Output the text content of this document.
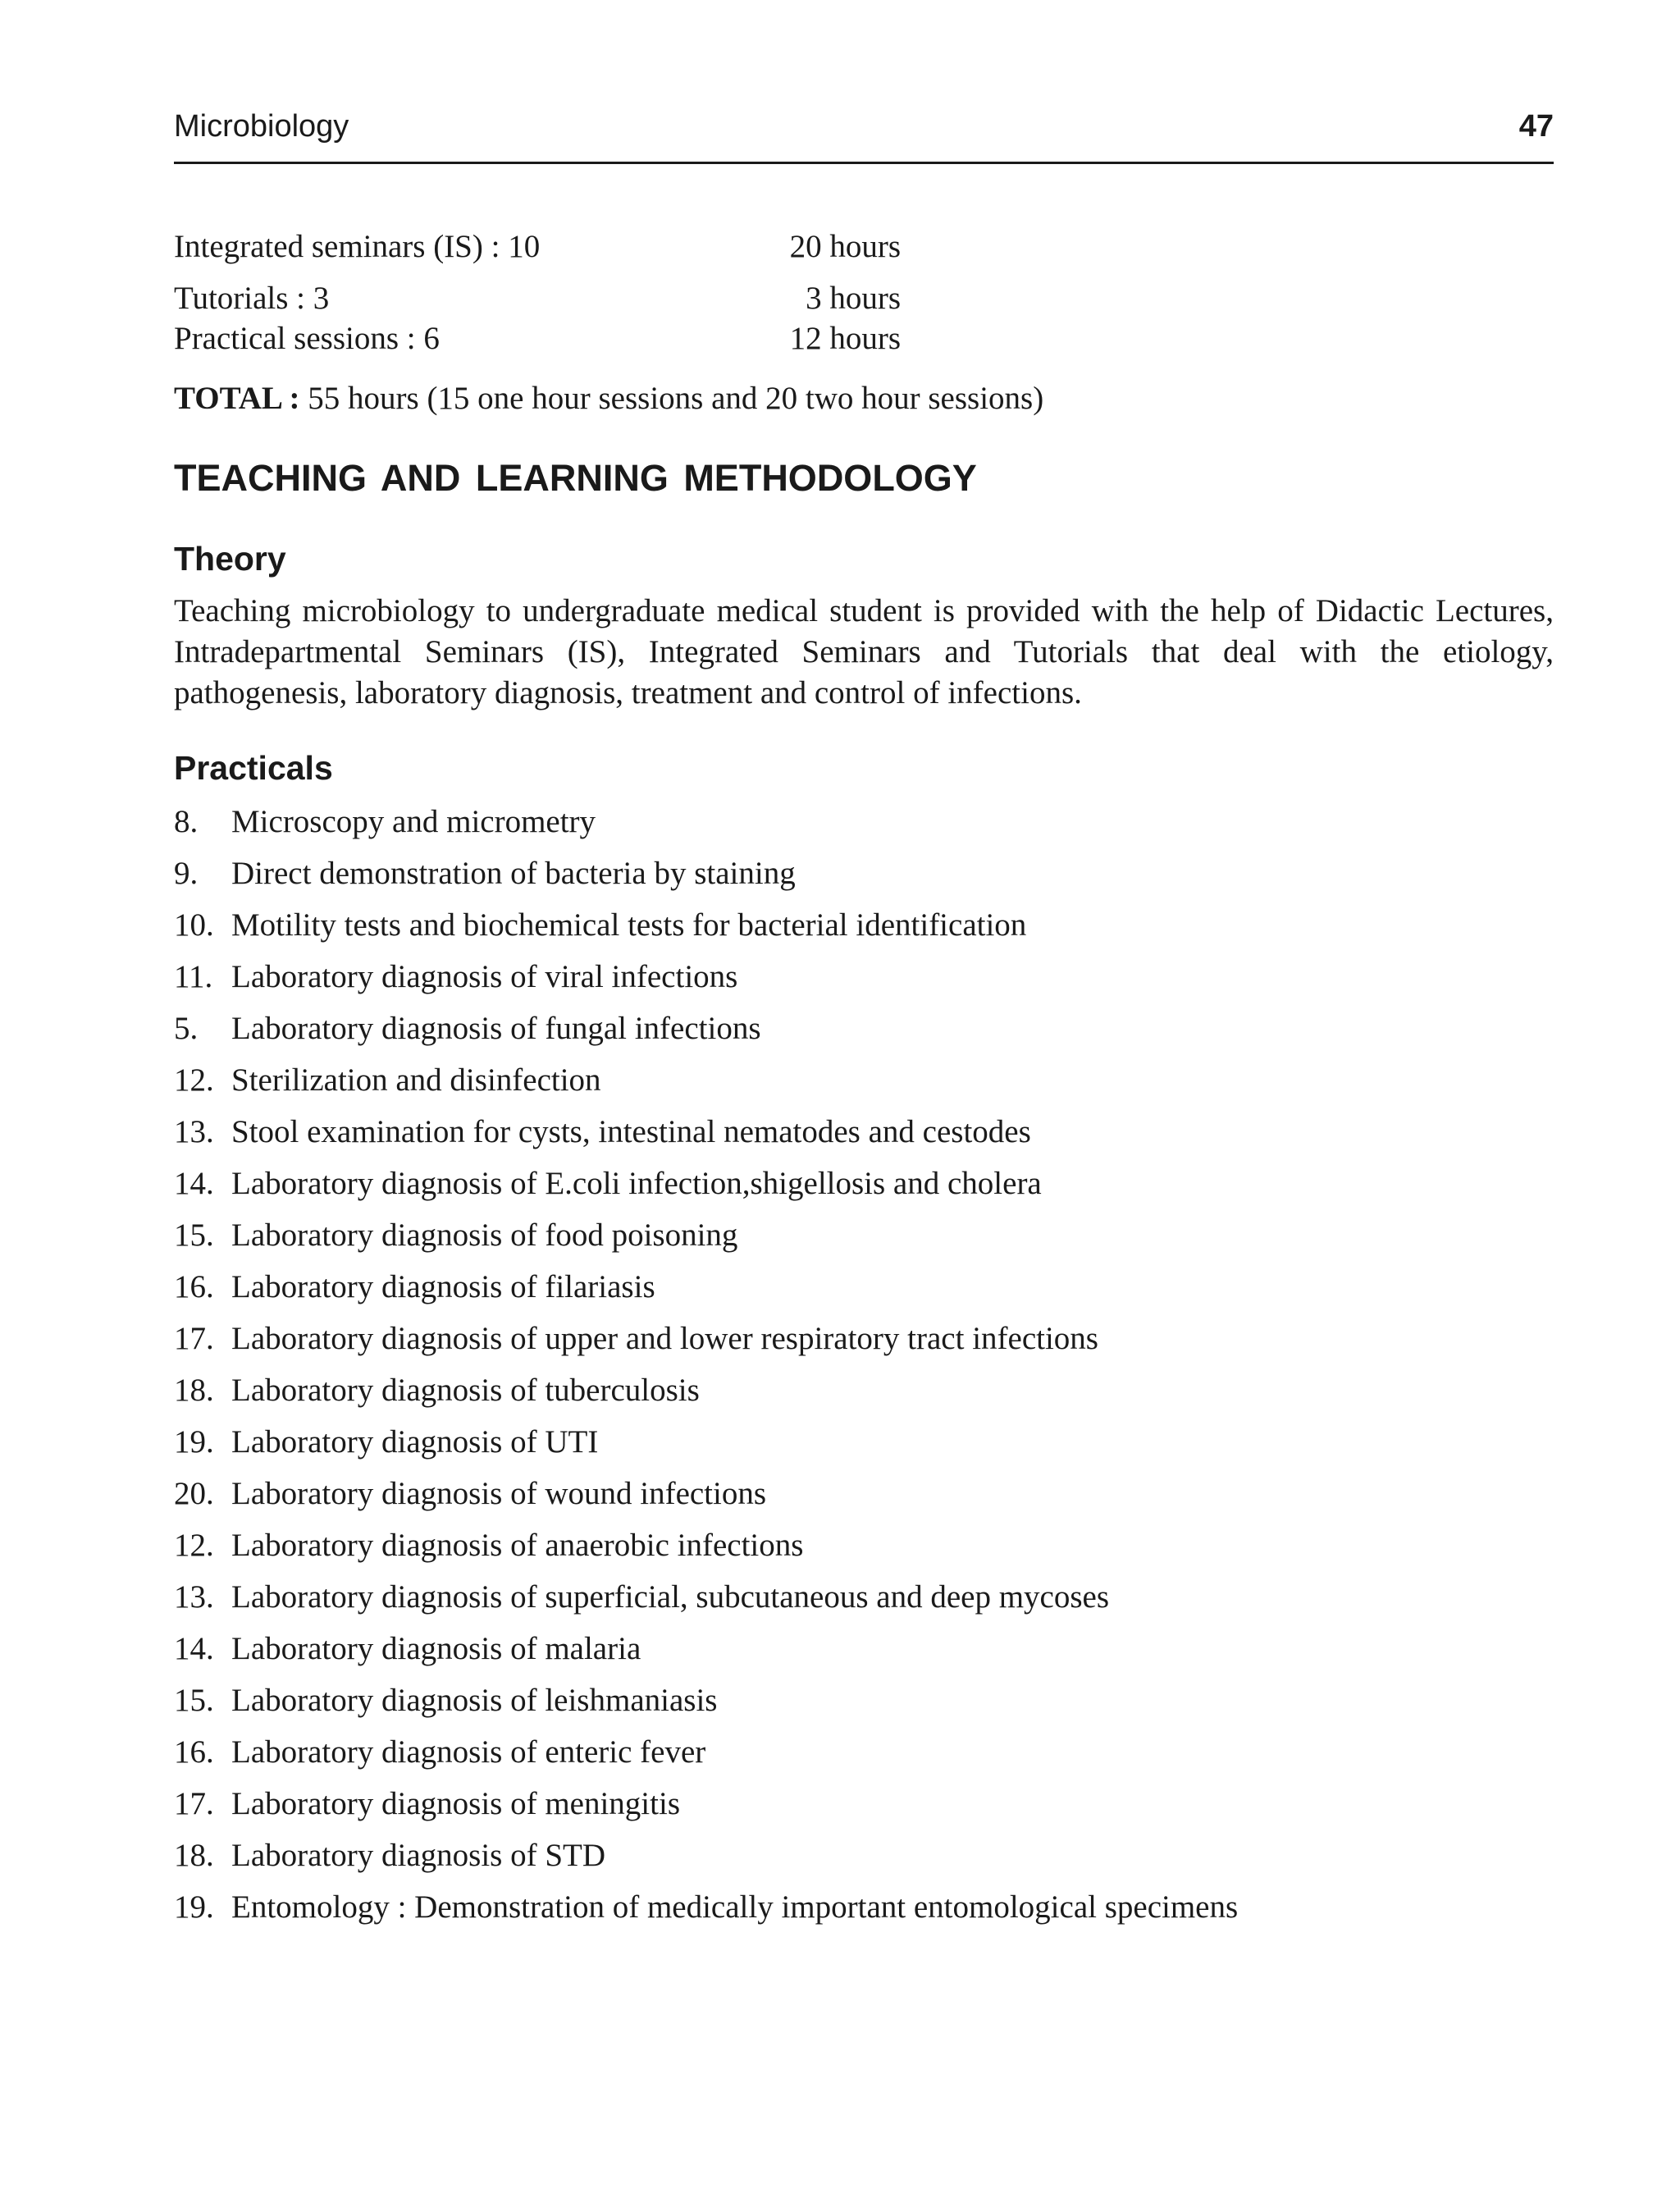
Microbiology	47
Integrated seminars (IS) : 10	20 hours
Tutorials : 3	3 hours
Practical sessions : 6	12 hours
TOTAL : 55 hours (15 one hour sessions and 20 two hour sessions)
TEACHING AND LEARNING METHODOLOGY
Theory
Teaching microbiology to undergraduate medical student is provided with the help of Didactic Lectures, Intradepartmental Seminars (IS), Integrated Seminars and Tutorials that deal with the etiology, pathogenesis, laboratory diagnosis, treatment and control of infections.
Practicals
8.	Microscopy and micrometry
9.	Direct demonstration of bacteria by staining
10. Motility tests and biochemical tests for bacterial identification
11. Laboratory diagnosis of viral infections
5.	Laboratory diagnosis of fungal infections
12. Sterilization and disinfection
13. Stool examination for cysts, intestinal nematodes and cestodes
14. Laboratory diagnosis of E.coli infection,shigellosis and cholera
15. Laboratory diagnosis of food poisoning
16. Laboratory diagnosis of filariasis
17. Laboratory diagnosis of upper and lower respiratory tract infections
18. Laboratory diagnosis of tuberculosis
19. Laboratory diagnosis of UTI
20. Laboratory diagnosis of wound infections
12. Laboratory diagnosis of anaerobic infections
13. Laboratory diagnosis of superficial, subcutaneous and deep mycoses
14. Laboratory diagnosis of malaria
15. Laboratory diagnosis of leishmaniasis
16. Laboratory diagnosis of enteric fever
17. Laboratory diagnosis of meningitis
18. Laboratory diagnosis of STD
19. Entomology : Demonstration of medically important entomological specimens
